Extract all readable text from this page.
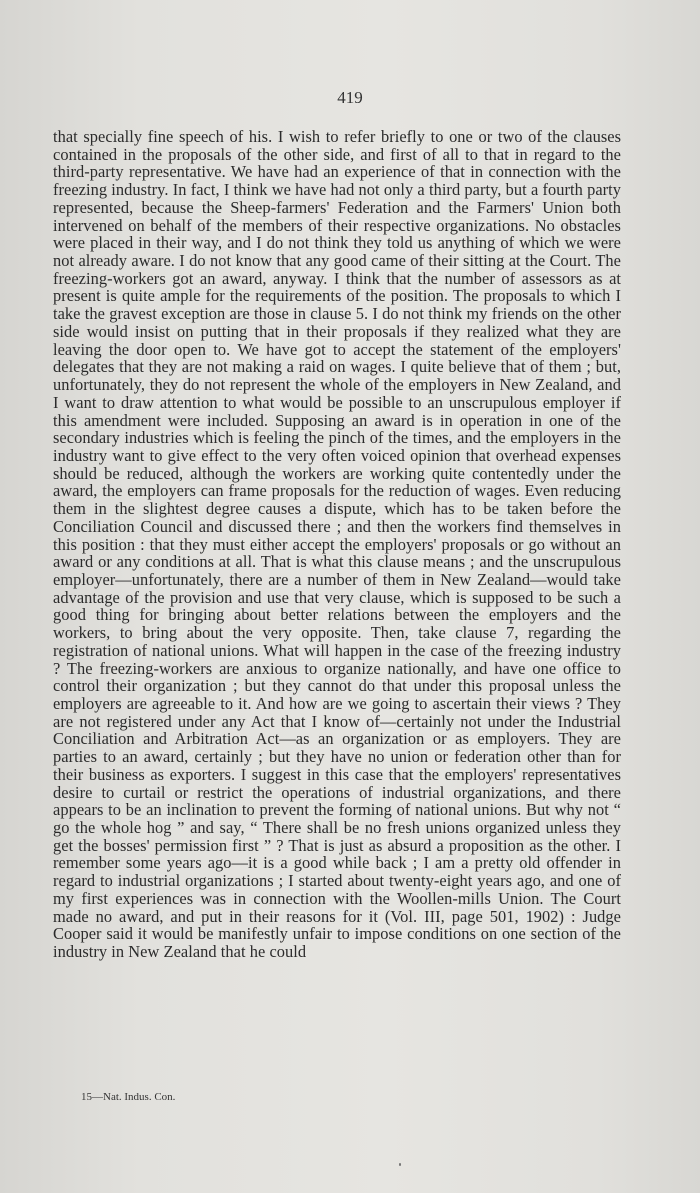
419
that specially fine speech of his. I wish to refer briefly to one or two of the clauses contained in the proposals of the other side, and first of all to that in regard to the third-party representative. We have had an experience of that in connection with the freezing industry. In fact, I think we have had not only a third party, but a fourth party represented, because the Sheep-farmers' Federation and the Farmers' Union both intervened on behalf of the members of their respective organizations. No obstacles were placed in their way, and I do not think they told us anything of which we were not already aware. I do not know that any good came of their sitting at the Court. The freezing-workers got an award, anyway. I think that the number of assessors as at present is quite ample for the requirements of the position. The proposals to which I take the gravest exception are those in clause 5. I do not think my friends on the other side would insist on putting that in their proposals if they realized what they are leaving the door open to. We have got to accept the statement of the employers' delegates that they are not making a raid on wages. I quite believe that of them ; but, unfortunately, they do not represent the whole of the employers in New Zealand, and I want to draw attention to what would be possible to an unscrupulous employer if this amendment were included. Supposing an award is in operation in one of the secondary industries which is feeling the pinch of the times, and the employers in the industry want to give effect to the very often voiced opinion that overhead expenses should be reduced, although the workers are working quite contentedly under the award, the employers can frame proposals for the reduction of wages. Even reducing them in the slightest degree causes a dispute, which has to be taken before the Conciliation Council and discussed there ; and then the workers find themselves in this position : that they must either accept the employers' proposals or go without an award or any conditions at all. That is what this clause means ; and the unscrupulous employer—unfortunately, there are a number of them in New Zealand—would take advantage of the provision and use that very clause, which is supposed to be such a good thing for bringing about better relations between the employers and the workers, to bring about the very opposite. Then, take clause 7, regarding the registration of national unions. What will happen in the case of the freezing industry ? The freezing-workers are anxious to organize nationally, and have one office to control their organization ; but they cannot do that under this proposal unless the employers are agreeable to it. And how are we going to ascertain their views ? They are not registered under any Act that I know of—certainly not under the Industrial Conciliation and Arbitration Act—as an organization or as employers. They are parties to an award, certainly ; but they have no union or federation other than for their business as exporters. I suggest in this case that the employers' representatives desire to curtail or restrict the operations of industrial organizations, and there appears to be an inclination to prevent the forming of national unions. But why not “ go the whole hog ” and say, “ There shall be no fresh unions organized unless they get the bosses' permission first ” ? That is just as absurd a proposition as the other. I remember some years ago—it is a good while back ; I am a pretty old offender in regard to industrial organizations ; I started about twenty-eight years ago, and one of my first experiences was in connection with the Woollen-mills Union. The Court made no award, and put in their reasons for it (Vol. III, page 501, 1902) : Judge Cooper said it would be manifestly unfair to impose conditions on one section of the industry in New Zealand that he could
15—Nat. Indus. Con.
